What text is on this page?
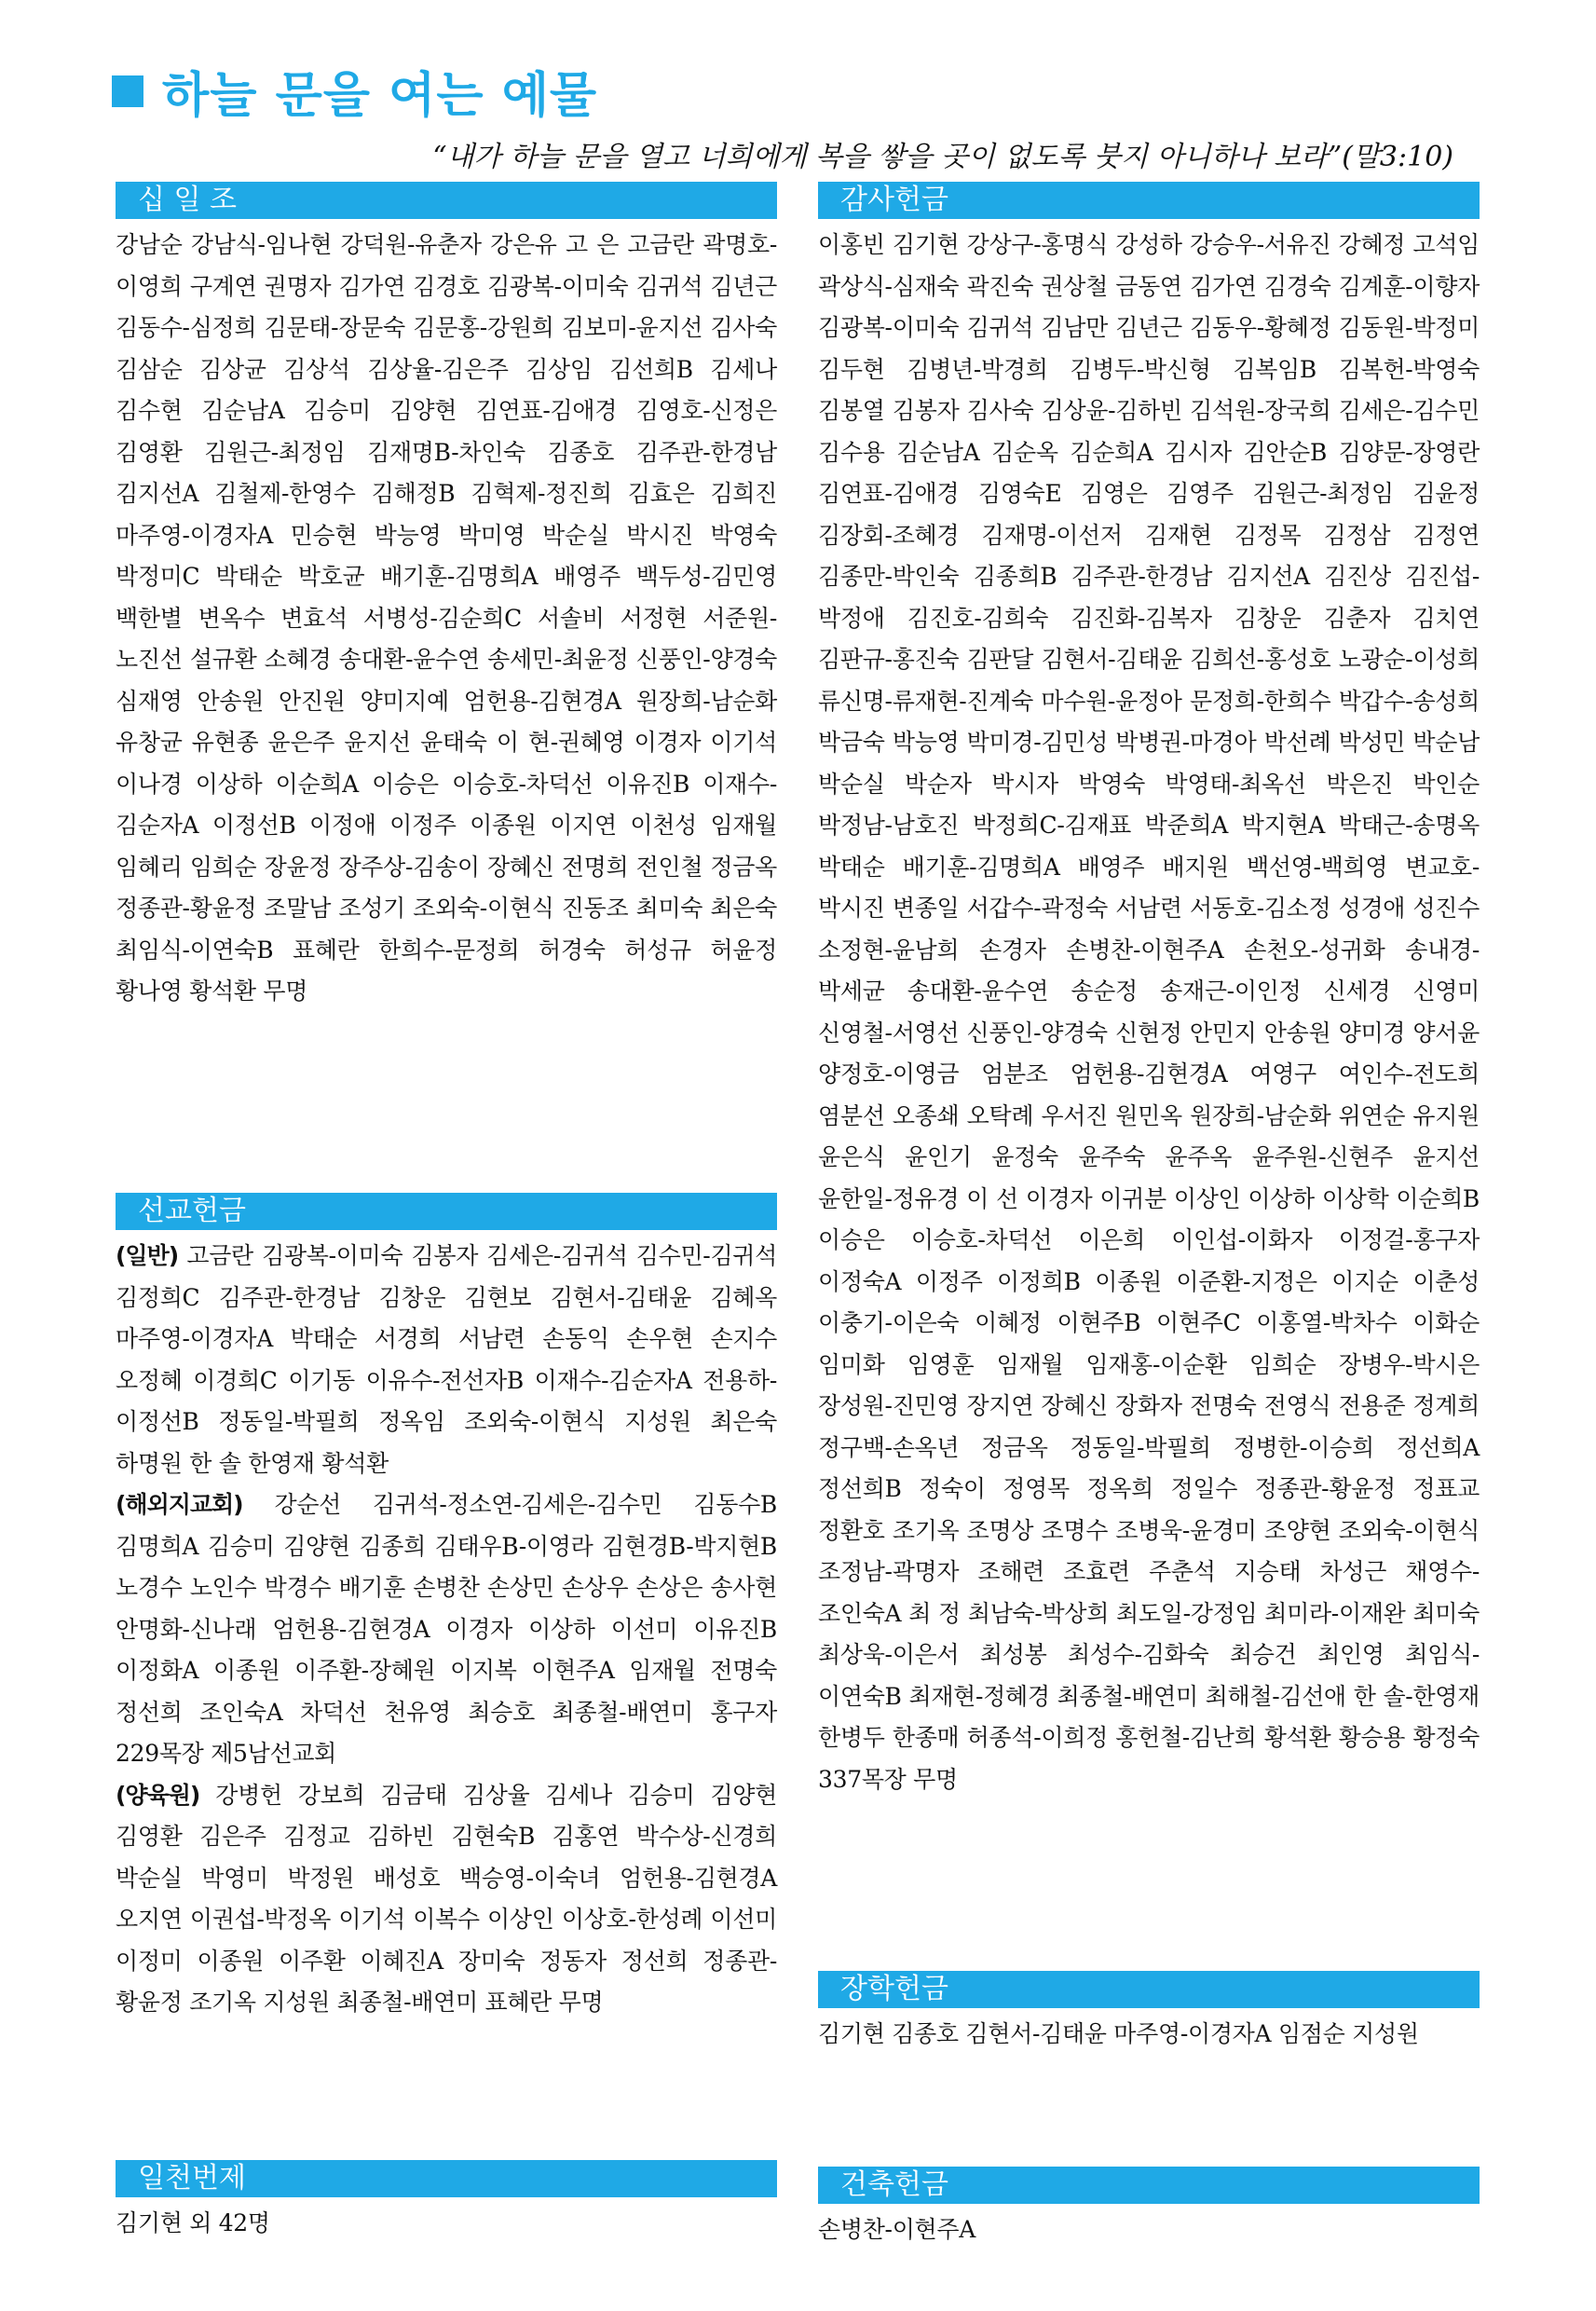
하늘 문을 여는 예물
“내가 하늘 문을 열고 너희에게 복을 쌓을 곳이 없도록 붓지 아니하나 보라”(말3:10)
십 일 조
강남순 강남식-임나현 강덕원-유춘자 강은유 고 은 고금란 곽명호-이영희 구계연 권명자 김가연 김경호 김광복-이미숙 김귀석 김년근 김동수-심정희 김문태-장문숙 김문홍-강원희 김보미-윤지선 김사숙 김삼순 김상균 김상석 김상율-김은주 김상임 김선희B 김세나 김수현 김순남A 김승미 김양현 김연표-김애경 김영호-신정은 김영환 김원근-최정임 김재명B-차인숙 김종호 김주관-한경남 김지선A 김철제-한영수 김해정B 김혁제-정진희 김효은 김희진 마주영-이경자A 민승현 박능영 박미영 박순실 박시진 박영숙 박정미C 박태순 박호균 배기훈-김명희A 배영주 백두성-김민영 백한별 변옥수 변효석 서병성-김순희C 서솔비 서정현 서준원-노진선 설규환 소혜경 송대환-윤수연 송세민-최윤정 신풍인-양경숙 심재영 안송원 안진원 양미지예 엄헌용-김현경A 원장희-남순화 유창균 유현종 윤은주 윤지선 윤태숙 이 현-권혜영 이경자 이기석 이나경 이상하 이순희A 이승은 이승호-차덕선 이유진B 이재수-김순자A 이정선B 이정애 이정주 이종원 이지연 이천성 임재월 임혜리 임희순 장윤정 장주상-김송이 장혜신 전명희 전인철 정금옥 정종관-황윤정 조말남 조성기 조외숙-이현식 진동조 최미숙 최은숙 최임식-이연숙B 표혜란 한희수-문정희 허경숙 허성규 허윤정 황나영 황석환 무명
선교헌금

(일반) 고금란 김광복-이미숙 김봉자 김세은-김귀석 김수민-김귀석 김정희C 김주관-한경남 김창운 김현보 김현서-김태윤 김혜옥 마주영-이경자A 박태순 서경희 서남련 손동익 손우현 손지수 오정혜 이경희C 이기동 이유수-전선자B 이재수-김순자A 전용하-이정선B 정동일-박필희 정옥임 조외숙-이현식 지성원 최은숙 하명원 한 솔 한영재 황석환

(해외지교회) 강순선 김귀석-정소연-김세은-김수민 김동수B 김명희A 김승미 김양현 김종희 김태우B-이영라 김현경B-박지현B 노경수 노인수 박경수 배기훈 손병찬 손상민 손상우 손상은 송사현 안명화-신나래 엄헌용-김현경A 이경자 이상하 이선미 이유진B 이정화A 이종원 이주환-장혜원 이지복 이현주A 임재월 전명숙 정선희 조인숙A 차덕선 천유영 최승호 최종철-배연미 홍구자 229목장 제5남선교회

(양육원) 강병헌 강보희 김금태 김상율 김세나 김승미 김양현 김영환 김은주 김정교 김하빈 김현숙B 김홍연 박수상-신경희 박순실 박영미 박정원 배성호 백승영-이숙녀 엄헌용-김현경A 오지연 이권섭-박정옥 이기석 이복수 이상인 이상호-한성례 이선미 이정미 이종원 이주환 이혜진A 장미숙 정동자 정선희 정종관-황윤정 조기옥 지성원 최종철-배연미 표혜란 무명

일천번제
김기현 외 42명
감사헌금
이홍빈 김기현 강상구-홍명식 강성하 강승우-서유진 강혜정 고석임 곽상식-심재숙 곽진숙 권상철 금동연 김가연 김경숙 김계훈-이향자 김광복-이미숙 김귀석 김남만 김년근 김동우-황혜정 김동원-박정미 김두현 김병년-박경희 김병두-박신형 김복임B 김복헌-박영숙 김봉열 김봉자 김사숙 김상윤-김하빈 김석원-장국희 김세은-김수민 김수용 김순남A 김순옥 김순희A 김시자 김안순B 김양문-장영란 김연표-김애경 김영숙E 김영은 김영주 김원근-최정임 김윤정 김장회-조혜경 김재명-이선저 김재현 김정목 김정삼 김정연 김종만-박인숙 김종희B 김주관-한경남 김지선A 김진상 김진섭-박정애 김진호-김희숙 김진화-김복자 김창운 김춘자 김치연 김판규-홍진숙 김판달 김현서-김태윤 김희선-홍성호 노광순-이성희 류신명-류재현-진계숙 마수원-윤정아 문정희-한희수 박갑수-송성희 박금숙 박능영 박미경-김민성 박병권-마경아 박선례 박성민 박순남 박순실 박순자 박시자 박영숙 박영태-최옥선 박은진 박인순 박정남-남호진 박정희C-김재표 박준희A 박지현A 박태근-송명옥 박태순 배기훈-김명희A 배영주 배지원 백선영-백희영 변교호-박시진 변종일 서갑수-곽정숙 서남련 서동호-김소정 성경애 성진수 소정현-윤남희 손경자 손병찬-이현주A 손천오-성귀화 송내경-박세균 송대환-윤수연 송순정 송재근-이인정 신세경 신영미 신영철-서영선 신풍인-양경숙 신현정 안민지 안송원 양미경 양서윤 양정호-이영금 엄분조 엄헌용-김현경A 여영구 여인수-전도희 염분선 오종쇄 오탁례 우서진 원민옥 원장희-남순화 위연순 유지원 윤은식 윤인기 윤정숙 윤주숙 윤주옥 윤주원-신현주 윤지선 윤한일-정유경 이 선 이경자 이귀분 이상인 이상하 이상학 이순희B 이승은 이승호-차덕선 이은희 이인섭-이화자 이정걸-홍구자 이정숙A 이정주 이정희B 이종원 이준환-지정은 이지순 이춘성 이충기-이은숙 이혜정 이현주B 이현주C 이홍열-박차수 이화순 임미화 임영훈 임재월 임재홍-이순환 임희순 장병우-박시은 장성원-진민영 장지연 장혜신 장화자 전명숙 전영식 전용준 정계희 정구백-손옥년 정금옥 정동일-박필희 정병한-이승희 정선희A 정선희B 정숙이 정영목 정옥희 정일수 정종관-황윤정 정표교 정환호 조기옥 조명상 조명수 조병욱-윤경미 조양현 조외숙-이현식 조정남-곽명자 조해련 조효련 주춘석 지승태 차성근 채영수-조인숙A 최 정 최남숙-박상희 최도일-강정임 최미라-이재완 최미숙 최상욱-이은서 최성봉 최성수-김화숙 최승건 최인영 최임식-이연숙B 최재현-정혜경 최종철-배연미 최해철-김선애 한 솔-한영재 한병두 한종매 허종석-이희정 홍헌철-김난희 황석환 황승용 황정숙 337목장 무명
장학헌금
김기현 김종호 김현서-김태윤 마주영-이경자A 임점순 지성원
건축헌금
손병찬-이현주A
